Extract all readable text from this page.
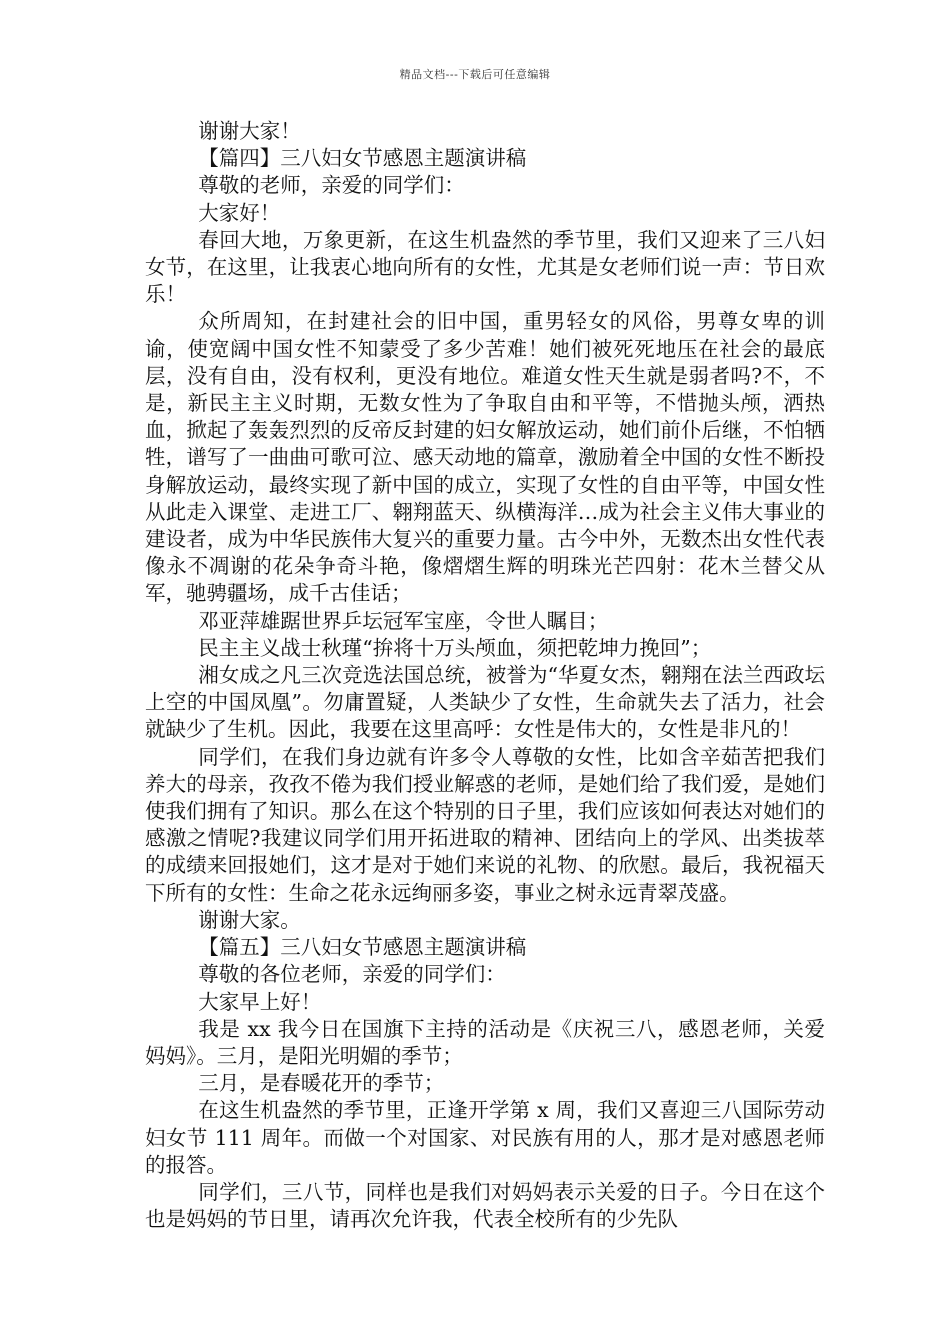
精品文档---下载后可任意编辑

谢谢大家！

【篇四】三八妇女节感恩主题演讲稿

尊敬的老师，亲爱的同学们：

大家好！

春回大地，万象更新，在这生机盎然的季节里，我们又迎来了三八妇女节，在这里，让我衷心地向所有的女性，尤其是女老师们说一声：节日欢乐！

众所周知，在封建社会的旧中国，重男轻女的风俗，男尊女卑的训谕，使宽阔中国女性不知蒙受了多少苦难！她们被死死地压在社会的最底层，没有自由，没有权利，更没有地位。难道女性天生就是弱者吗?不，不是，新民主主义时期，无数女性为了争取自由和平等，不惜抛头颅，洒热血，掀起了轰轰烈烈的反帝反封建的妇女解放运动，她们前仆后继，不怕牺牲，谱写了一曲曲可歌可泣、感天动地的篇章，激励着全中国的女性不断投身解放运动，最终实现了新中国的成立，实现了女性的自由平等，中国女性从此走入课堂、走进工厂、翱翔蓝天、纵横海洋…成为社会主义伟大事业的建设者，成为中华民族伟大复兴的重要力量。古今中外，无数杰出女性代表像永不凋谢的花朵争奇斗艳，像熠熠生辉的明珠光芒四射：花木兰替父从军，驰骋疆场，成千古佳话；

邓亚萍雄踞世界乒坛冠军宝座，令世人瞩目；

民主主义战士秋瑾“拚将十万头颅血，须把乾坤力挽回”；

湘女成之凡三次竞选法国总统，被誉为“华夏女杰，翱翔在法兰西政坛上空的中国凤凰”。勿庸置疑，人类缺少了女性，生命就失去了活力，社会就缺少了生机。因此，我要在这里高呼：女性是伟大的，女性是非凡的！

同学们，在我们身边就有许多令人尊敬的女性，比如含辛茹苦把我们养大的母亲，孜孜不倦为我们授业解惑的老师，是她们给了我们爱，是她们使我们拥有了知识。那么在这个特别的日子里，我们应该如何表达对她们的感激之情呢?我建议同学们用开拓进取的精神、团结向上的学风、出类拔萃的成绩来回报她们，这才是对于她们来说的礼物、的欣慰。最后，我祝福天下所有的女性：生命之花永远绚丽多姿，事业之树永远青翠茂盛。

谢谢大家。

【篇五】三八妇女节感恩主题演讲稿

尊敬的各位老师，亲爱的同学们：

大家早上好！

我是 xx 我今日在国旗下主持的活动是《庆祝三八，感恩老师，关爱妈妈》。三月，是阳光明媚的季节；

三月，是春暖花开的季节；

在这生机盎然的季节里，正逢开学第 x 周，我们又喜迎三八国际劳动妇女节 111 周年。而做一个对国家、对民族有用的人，那才是对感恩老师的报答。

同学们，三八节，同样也是我们对妈妈表示关爱的日子。今日在这个也是妈妈的节日里，请再次允许我，代表全校所有的少先队
